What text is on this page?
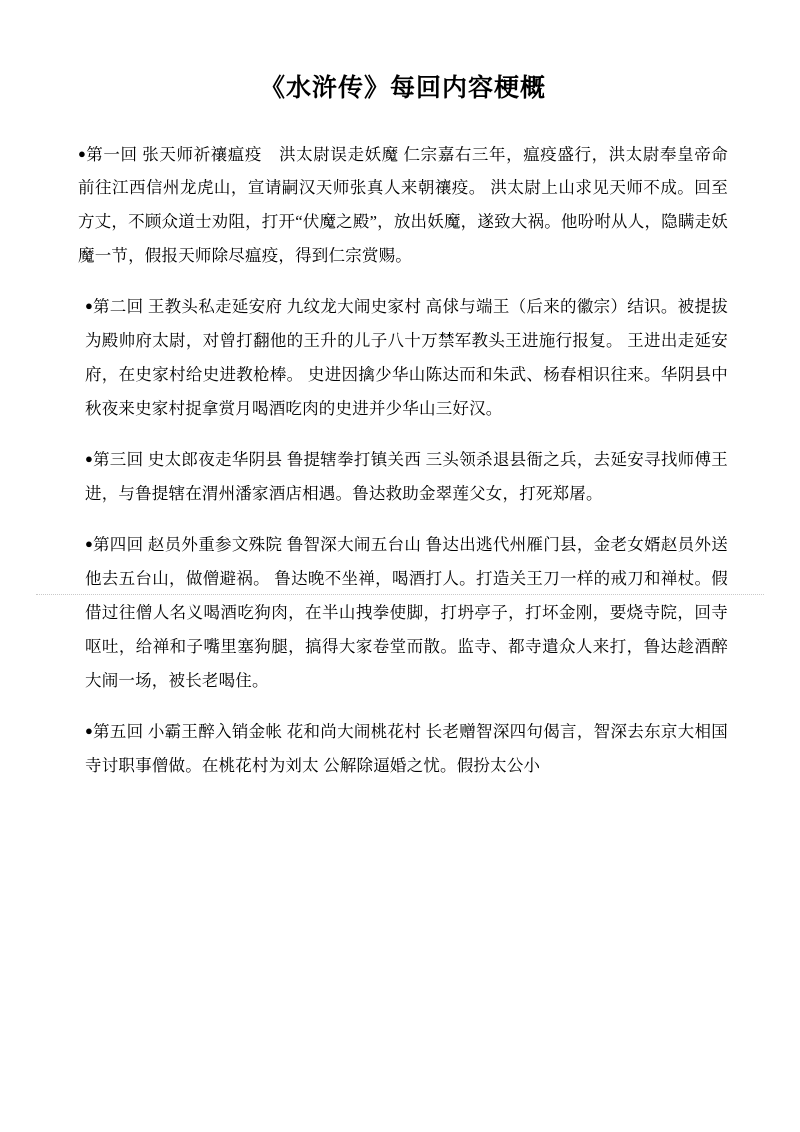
《水浒传》每回内容梗概

●第一回 张天师祈禳瘟疫　洪太尉误走妖魔 仁宗嘉右三年，瘟疫盛行，洪太尉奉皇帝命前往江西信州龙虎山，宣请嗣汉天师张真人来朝禳疫。 洪太尉上山求见天师不成。回至方丈，不顾众道士劝阻，打开“伏魔之殿”，放出妖魔，遂致大祸。他吩咐从人，隐瞒走妖魔一节，假报天师除尽瘟疫，得到仁宗赏赐。

●第二回 王教头私走延安府 九纹龙大闹史家村 高俅与端王（后来的徽宗）结识。被提拔为殿帅府太尉，对曾打翻他的王升的儿子八十万禁军教头王进施行报复。 王进出走延安府，在史家村给史进教枪棒。 史进因擒少华山陈达而和朱武、杨春相识往来。华阴县中秋夜来史家村捉拿赏月喝酒吃肉的史进并少华山三好汉。

●第三回 史太郎夜走华阴县 鲁提辖拳打镇关西 三头领杀退县衙之兵，去延安寻找师傅王进，与鲁提辖在渭州潘家酒店相遇。鲁达救助金翠莲父女，打死郑屠。

●第四回 赵员外重参文殊院 鲁智深大闹五台山 鲁达出逃代州雁门县，金老女婿赵员外送他去五台山，做僧避祸。 鲁达晚不坐禅，喝酒打人。打造关王刀一样的戒刀和禅杖。假借过往僧人名义喝酒吃狗肉，在半山拽拳使脚，打坍亭子，打坏金刚，要烧寺院，回寺呕吐，给禅和子嘴里塞狗腿，搞得大家卷堂而散。监寺、都寺遣众人来打，鲁达趁酒醉大闹一场，被长老喝住。

●第五回 小霸王醉入销金帐 花和尚大闹桃花村 长老赠智深四句偈言，智深去东京大相国寺讨职事僧做。在桃花村为刘太 公解除逼婚之忧。假扮太公小
